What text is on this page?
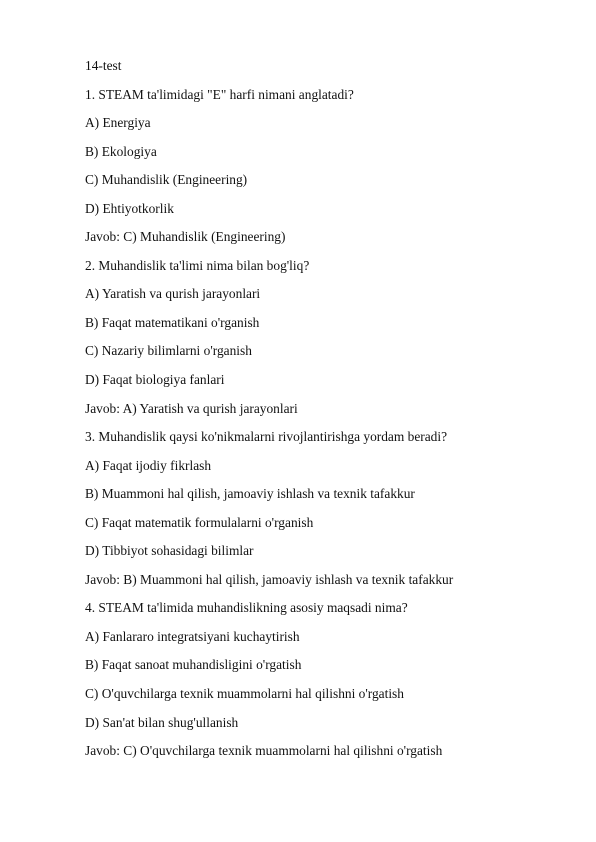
14-test
1. STEAM ta'limidagi "E" harfi nimani anglatadi?
A) Energiya
B) Ekologiya
C) Muhandislik (Engineering)
D) Ehtiyotkorlik
Javob: C) Muhandislik (Engineering)
2. Muhandislik ta'limi nima bilan bog'liq?
A) Yaratish va qurish jarayonlari
B) Faqat matematikani o'rganish
C) Nazariy bilimlarni o'rganish
D) Faqat biologiya fanlari
Javob: A) Yaratish va qurish jarayonlari
3. Muhandislik qaysi ko'nikmalarni rivojlantirishga yordam beradi?
A) Faqat ijodiy fikrlash
B) Muammoni hal qilish, jamoaviy ishlash va texnik tafakkur
C) Faqat matematik formulalarni o'rganish
D) Tibbiyot sohasidagi bilimlar
Javob: B) Muammoni hal qilish, jamoaviy ishlash va texnik tafakkur
4. STEAM ta'limida muhandislikning asosiy maqsadi nima?
A) Fanlararo integratsiyani kuchaytirish
B) Faqat sanoat muhandisligini o'rgatish
C) O'quvchilarga texnik muammolarni hal qilishni o'rgatish
D) San'at bilan shug'ullanish
Javob: C) O'quvchilarga texnik muammolarni hal qilishni o'rgatish
